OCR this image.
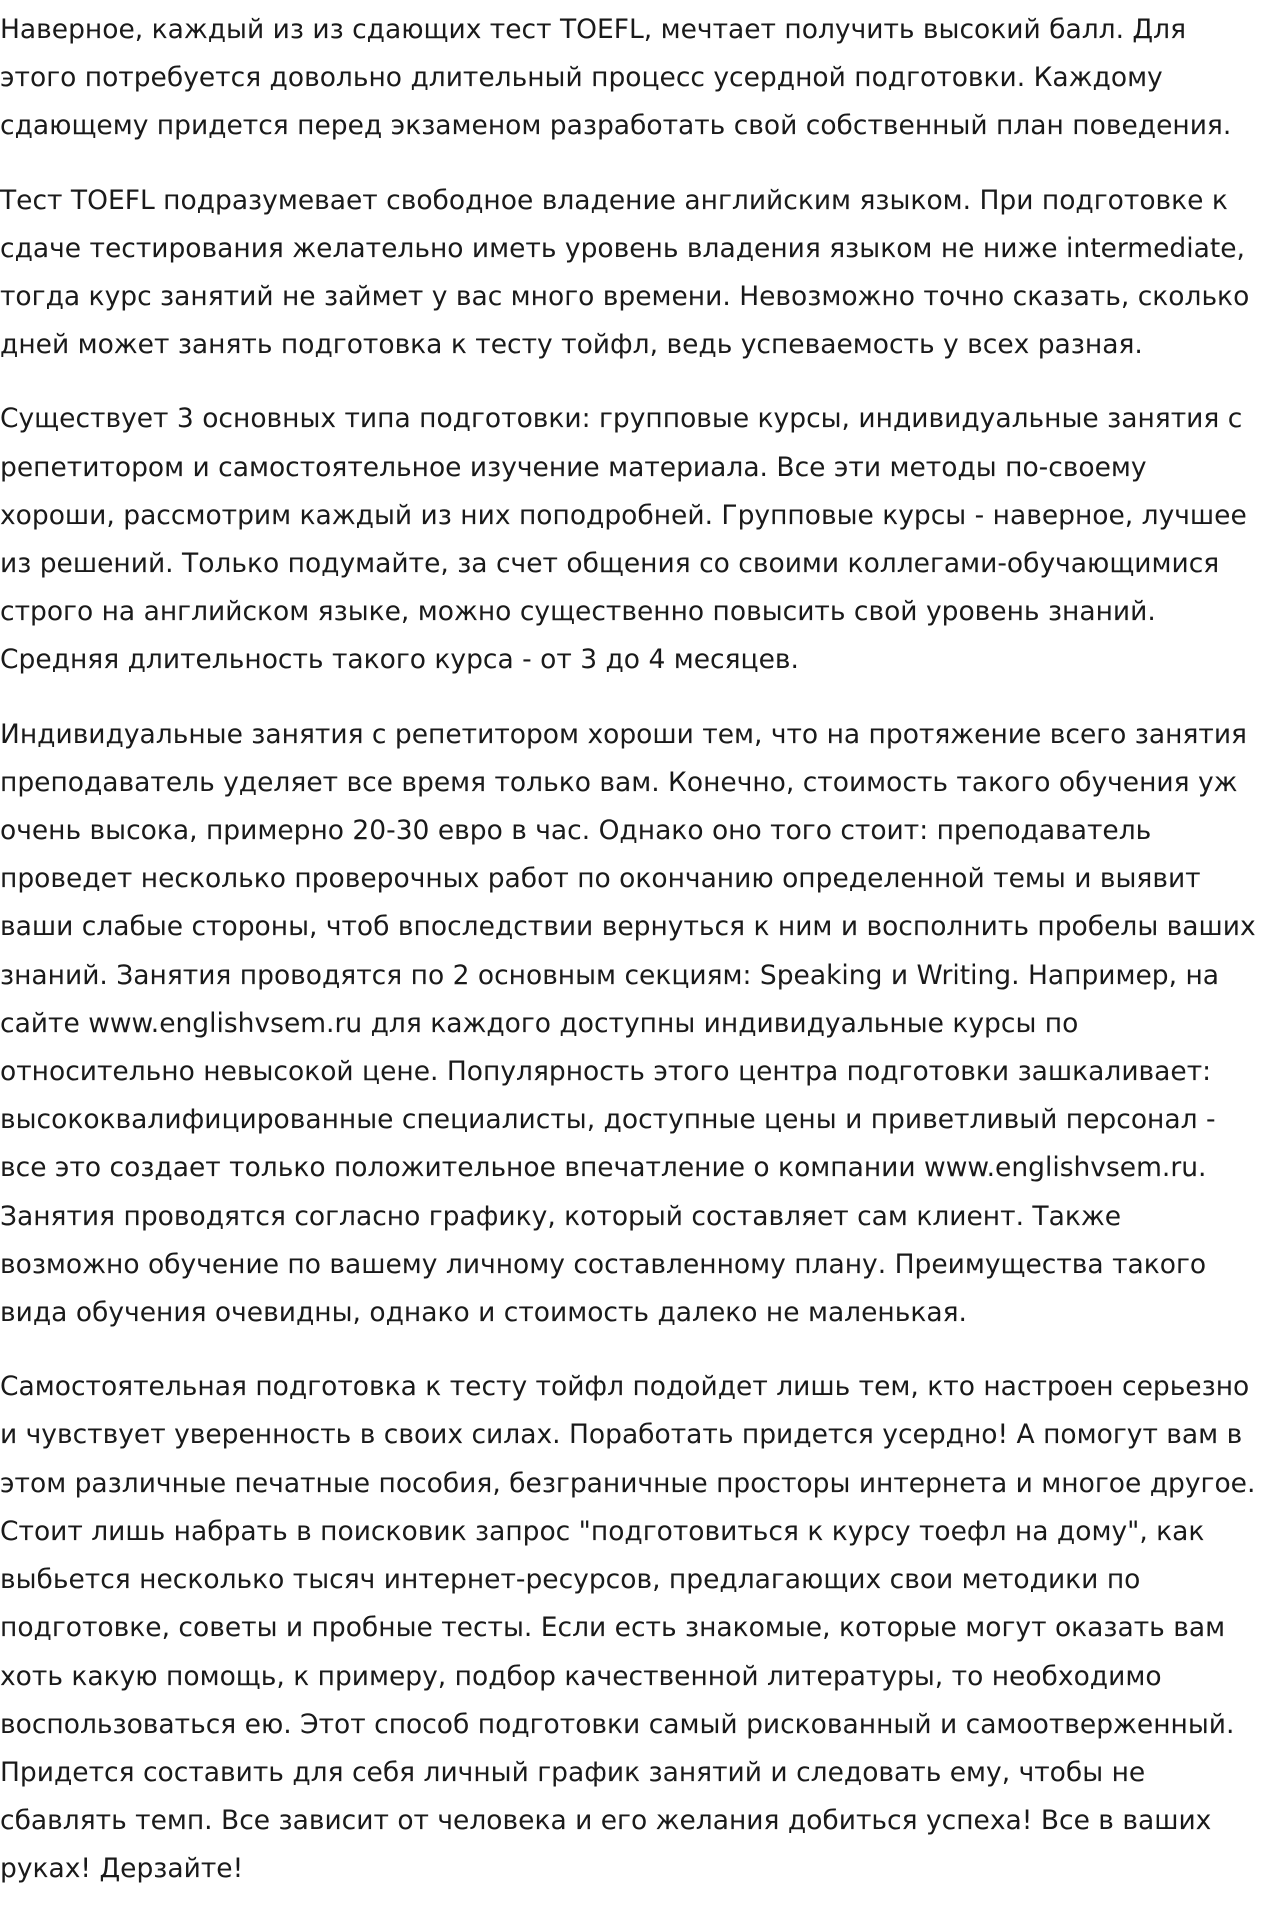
Наверное, каждый из из сдающих тест TOEFL, мечтает получить высокий балл. Для этого потребуется довольно длительный процесс усердной подготовки. Каждому сдающему придется перед экзаменом разработать свой собственный план поведения.

Тест TOEFL подразумевает свободное владение английским языком. При подготовке к сдаче тестирования желательно иметь уровень владения языком не ниже intermediate, тогда курс занятий не займет у вас много времени. Невозможно точно сказать, сколько дней может занять подготовка к тесту тойфл, ведь успеваемость у всех разная.

Существует 3 основных типа подготовки: групповые курсы, индивидуальные занятия с репетитором и самостоятельное изучение материала. Все эти методы по-своему хороши, рассмотрим каждый из них поподробней. Групповые курсы - наверное, лучшее из решений. Только подумайте, за счет общения со своими коллегами-обучающимися строго на английском языке, можно существенно повысить свой уровень знаний. Средняя длительность такого курса - от 3 до 4 месяцев.

Индивидуальные занятия с репетитором хороши тем, что на протяжение всего занятия преподаватель уделяет все время только вам. Конечно, стоимость такого обучения уж очень высока, примерно 20-30 евро в час. Однако оно того стоит: преподаватель проведет несколько проверочных работ по окончанию определенной темы и выявит ваши слабые стороны, чтоб впоследствии вернуться к ним и восполнить пробелы ваших знаний. Занятия проводятся по 2 основным секциям: Speaking и Writing. Например, на сайте www.englishvsem.ru для каждого доступны индивидуальные курсы по относительно невысокой цене. Популярность этого центра подготовки зашкаливает: высококвалифицированные специалисты, доступные цены и приветливый персонал - все это создает только положительное впечатление о компании www.englishvsem.ru. Занятия проводятся согласно графику, который составляет сам клиент. Также возможно обучение по вашему личному составленному плану. Преимущества такого вида обучения очевидны, однако и стоимость далеко не маленькая.

Самостоятельная подготовка к тесту тойфл подойдет лишь тем, кто настроен серьезно и чувствует уверенность в своих силах. Поработать придется усердно! А помогут вам в этом различные печатные пособия, безграничные просторы интернета и многое другое. Стоит лишь набрать в поисковик запрос "подготовиться к курсу тоефл на дому", как выбьется несколько тысяч интернет-ресурсов, предлагающих свои методики по подготовке, советы и пробные тесты. Если есть знакомые, которые могут оказать вам хоть какую помощь, к примеру, подбор качественной литературы, то необходимо воспользоваться ею. Этот способ подготовки самый рискованный и самоотверженный. Придется составить для себя личный график занятий и следовать ему, чтобы не сбавлять темп. Все зависит от человека и его желания добиться успеха! Все в ваших руках! Дерзайте!
